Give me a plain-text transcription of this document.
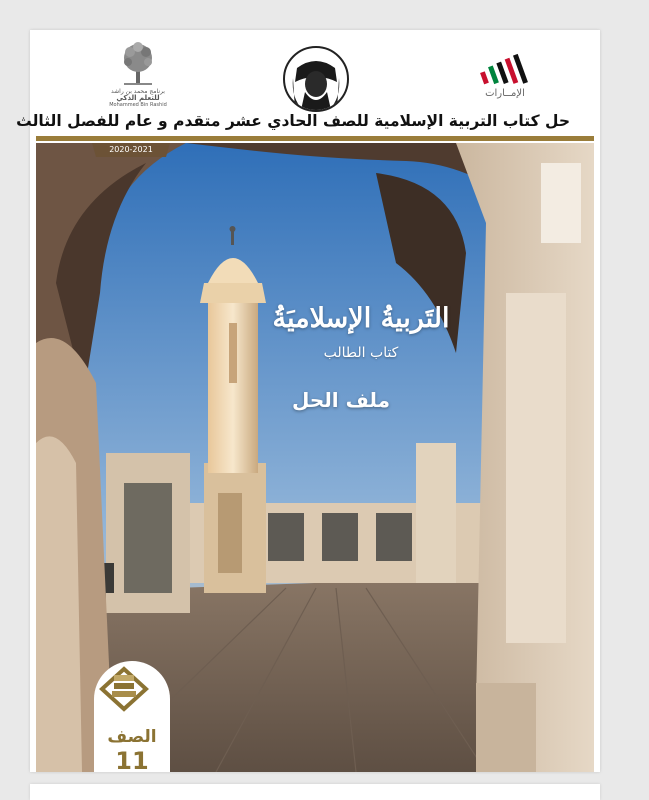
الإمــارات
برنامج محمد بن راشد
للتعلم الذكي
Mohammed Bin Rashid
حل كتاب التربية الإسلامية للصف الحادي عشر متقدم و عام للفصل الثالث
2020-2021
التَربيةُ الإسلاميَةُ
كتاب الطالب
ملف الحل
الصف
11
